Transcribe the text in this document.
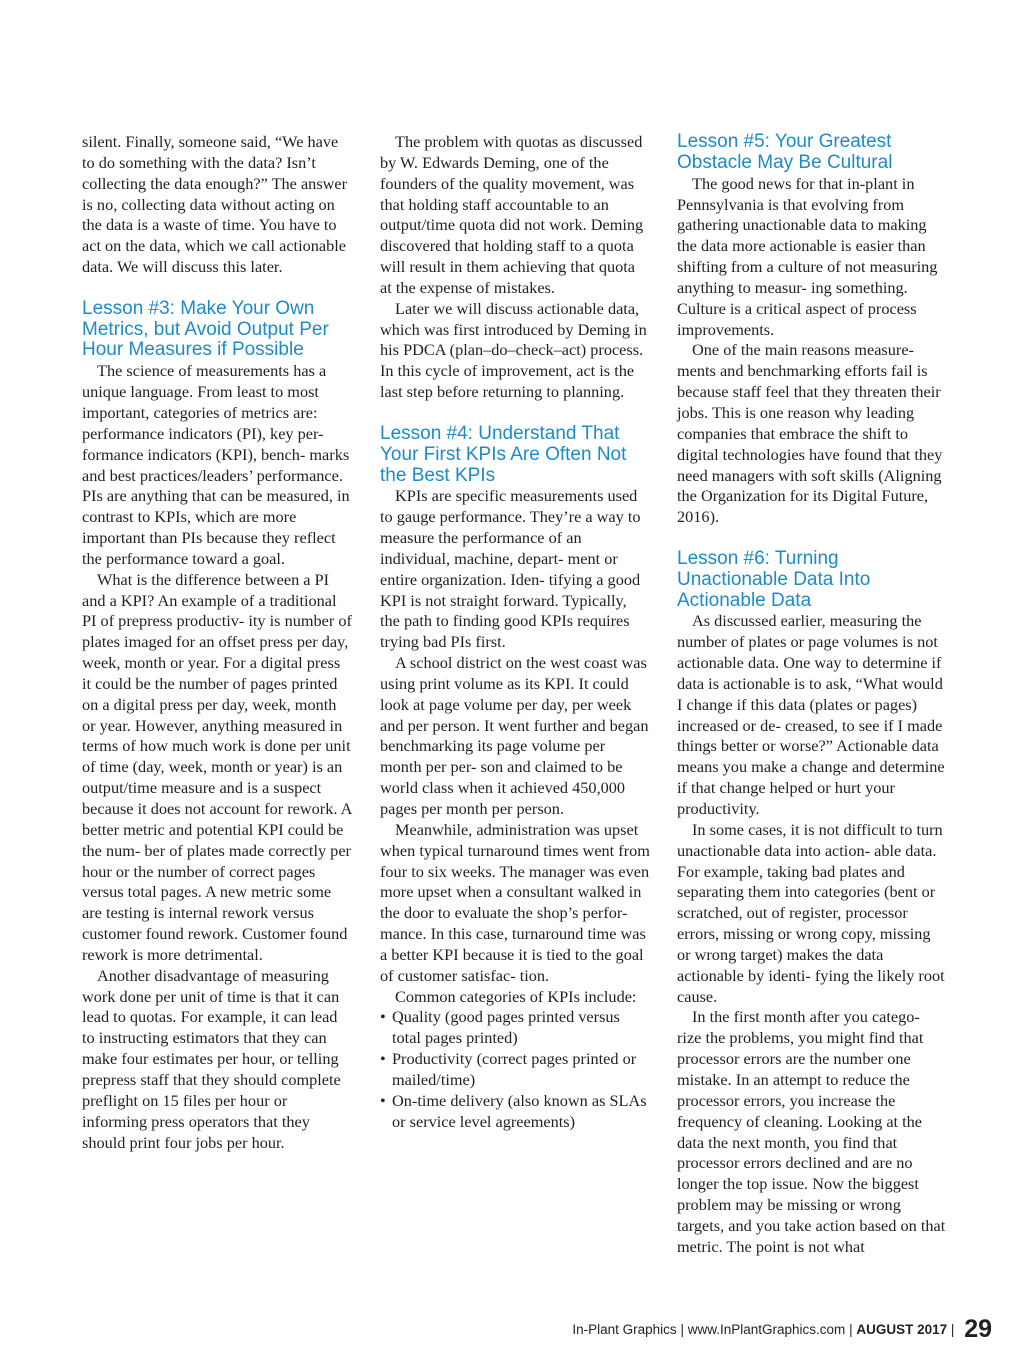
silent. Finally, someone said, “We have to do something with the data? Isn’t collecting the data enough?” The answer is no, collecting data without acting on the data is a waste of time. You have to act on the data, which we call actionable data. We will discuss this later.

Lesson #3: Make Your Own Metrics, but Avoid Output Per Hour Measures if Possible

The science of measurements has a unique language. From least to most important, categories of metrics are: performance indicators (PI), key per- formance indicators (KPI), bench- marks and best practices/leaders’ performance. PIs are anything that can be measured, in contrast to KPIs, which are more important than PIs because they reflect the performance toward a goal.

What is the difference between a PI and a KPI? An example of a traditional PI of prepress productiv- ity is number of plates imaged for an offset press per day, week, month or year. For a digital press it could be the number of pages printed on a digital press per day, week, month or year. However, anything measured in terms of how much work is done per unit of time (day, week, month or year) is an output/time measure and is a suspect because it does not account for rework. A better metric and potential KPI could be the num- ber of plates made correctly per hour or the number of correct pages versus total pages. A new metric some are testing is internal rework versus customer found rework. Customer found rework is more detrimental.

Another disadvantage of measuring work done per unit of time is that it can lead to quotas. For example, it can lead to instructing estimators that they can make four estimates per hour, or telling prepress staff that they should complete preflight on 15 files per hour or informing press operators that they should print four jobs per hour.

The problem with quotas as discussed by W. Edwards Deming, one of the founders of the quality movement, was that holding staff accountable to an output/time quota did not work. Deming discovered that holding staff to a quota will result in them achieving that quota at the expense of mistakes.

Later we will discuss actionable data, which was first introduced by Deming in his PDCA (plan–do–check–act) process. In this cycle of improvement, act is the last step before returning to planning.

Lesson #4: Understand That Your First KPIs Are Often Not the Best KPIs

KPIs are specific measurements used to gauge performance. They’re a way to measure the performance of an individual, machine, depart- ment or entire organization. Iden- tifying a good KPI is not straight forward. Typically, the path to finding good KPIs requires trying bad PIs first.

A school district on the west coast was using print volume as its KPI. It could look at page volume per day, per week and per person. It went further and began benchmarking its page volume per month per per- son and claimed to be world class when it achieved 450,000 pages per month per person.

Meanwhile, administration was upset when typical turnaround times went from four to six weeks. The manager was even more upset when a consultant walked in the door to evaluate the shop’s perfor- mance. In this case, turnaround time was a better KPI because it is tied to the goal of customer satisfac- tion.

Common categories of KPIs include:

• Quality (good pages printed versus total pages printed)
• Productivity (correct pages printed or mailed/time)
• On-time delivery (also known as SLAs or service level agreements)
Lesson #5: Your Greatest Obstacle May Be Cultural

The good news for that in-plant in Pennsylvania is that evolving from gathering unactionable data to making the data more actionable is easier than shifting from a culture of not measuring anything to measur- ing something. Culture is a critical aspect of process improvements.

One of the main reasons measure- ments and benchmarking efforts fail is because staff feel that they threaten their jobs. This is one reason why leading companies that embrace the shift to digital technologies have found that they need managers with soft skills (Aligning the Organization for its Digital Future, 2016).

Lesson #6: Turning Unactionable Data Into Actionable Data

As discussed earlier, measuring the number of plates or page volumes is not actionable data. One way to determine if data is actionable is to ask, “What would I change if this data (plates or pages) increased or de- creased, to see if I made things better or worse?” Actionable data means you make a change and determine if that change helped or hurt your productivity.

In some cases, it is not difficult to turn unactionable data into action- able data. For example, taking bad plates and separating them into categories (bent or scratched, out of register, processor errors, missing or wrong copy, missing or wrong target) makes the data actionable by identi- fying the likely root cause.

In the first month after you catego- rize the problems, you might find that processor errors are the number one mistake. In an attempt to reduce the processor errors, you increase the frequency of cleaning. Looking at the data the next month, you find that processor errors declined and are no longer the top issue. Now the biggest problem may be missing or wrong targets, and you take action based on that metric. The point is not what

In-Plant Graphics | www.InPlantGraphics.com | AUGUST 2017 | 29
